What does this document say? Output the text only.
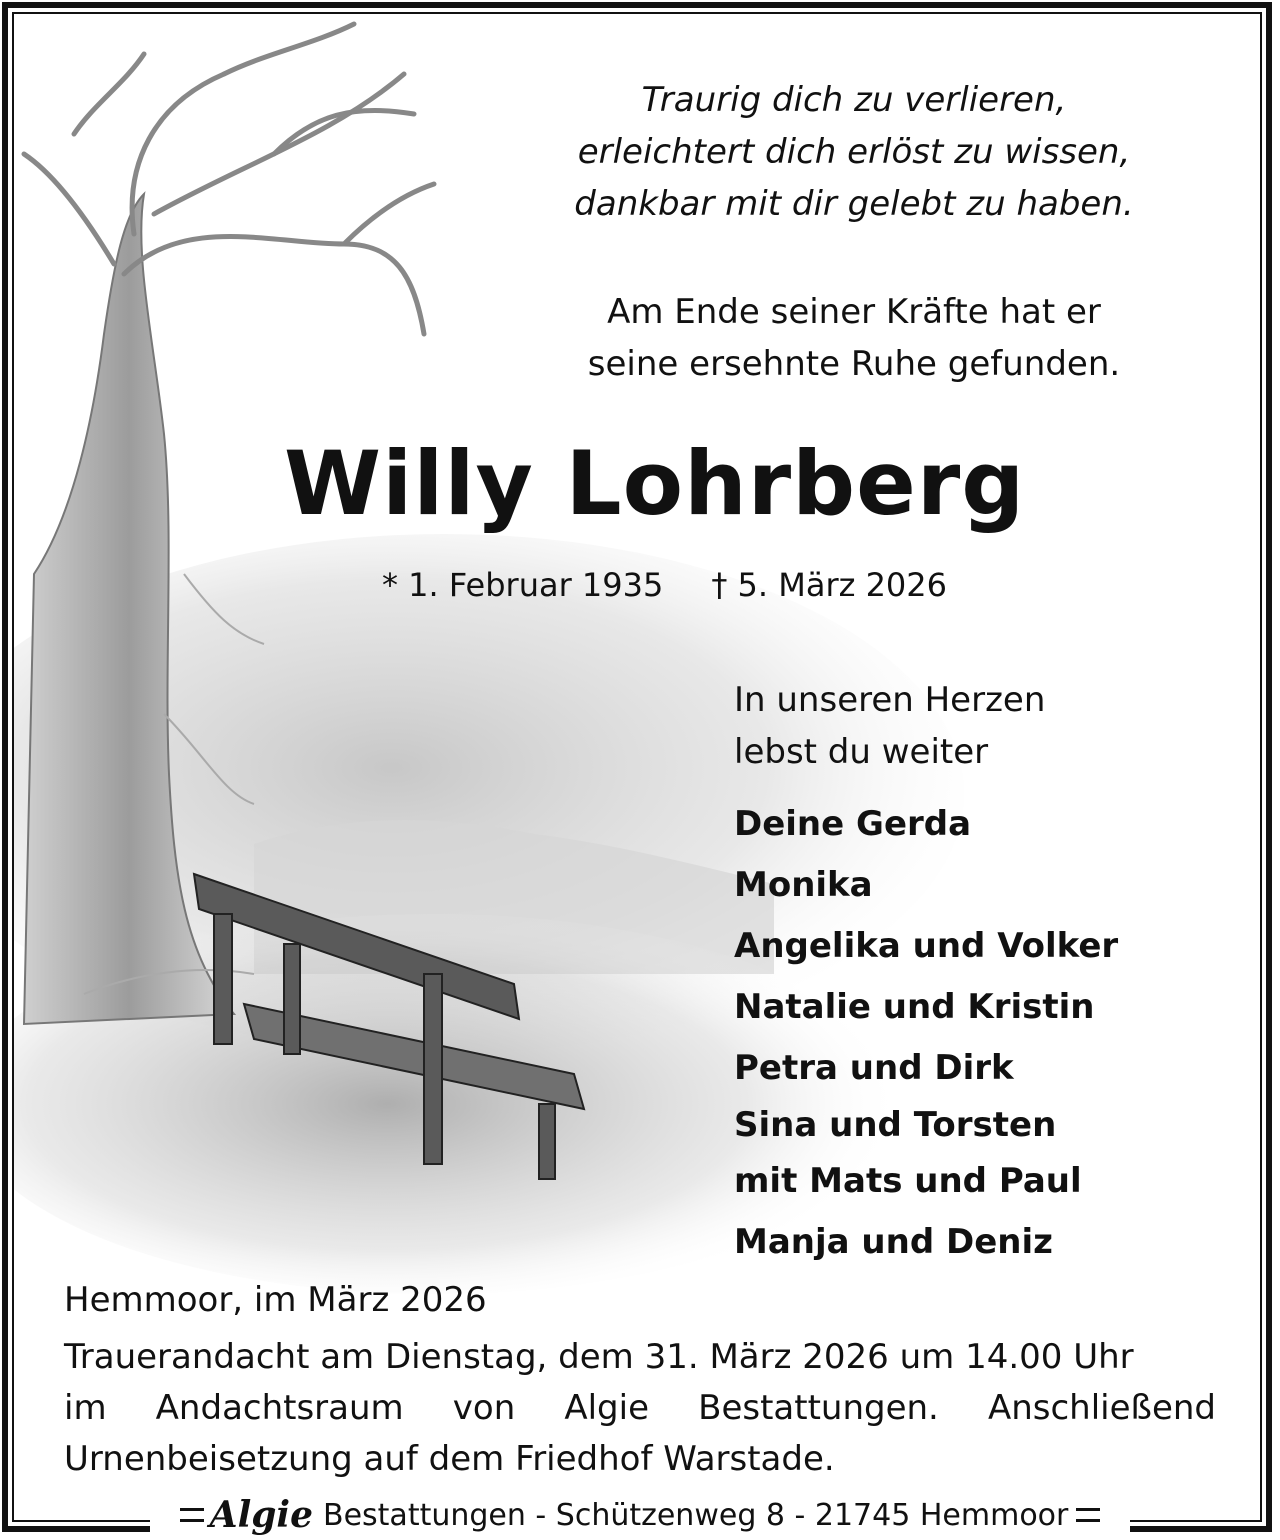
Traurig dich zu verlieren,
erleichtert dich erlöst zu wissen,
dankbar mit dir gelebt zu haben.
Am Ende seiner Kräfte hat er
seine ersehnte Ruhe gefunden.
Willy Lohrberg
* 1. Februar 1935 † 5. März 2026
In unseren Herzen
lebst du weiter
Deine Gerda
Monika
Angelika und Volker
Natalie und Kristin
Petra und Dirk
Sina und Torsten
mit Mats und Paul
Manja und Deniz
Hemmoor, im März 2026
Trauerandacht am Dienstag, dem 31. März 2026 um 14.00 Uhr
im Andachtsraum von Algie Bestattungen. Anschließend
Urnenbeisetzung auf dem Friedhof Warstade.
Algie Bestattungen - Schützenweg 8 - 21745 Hemmoor
